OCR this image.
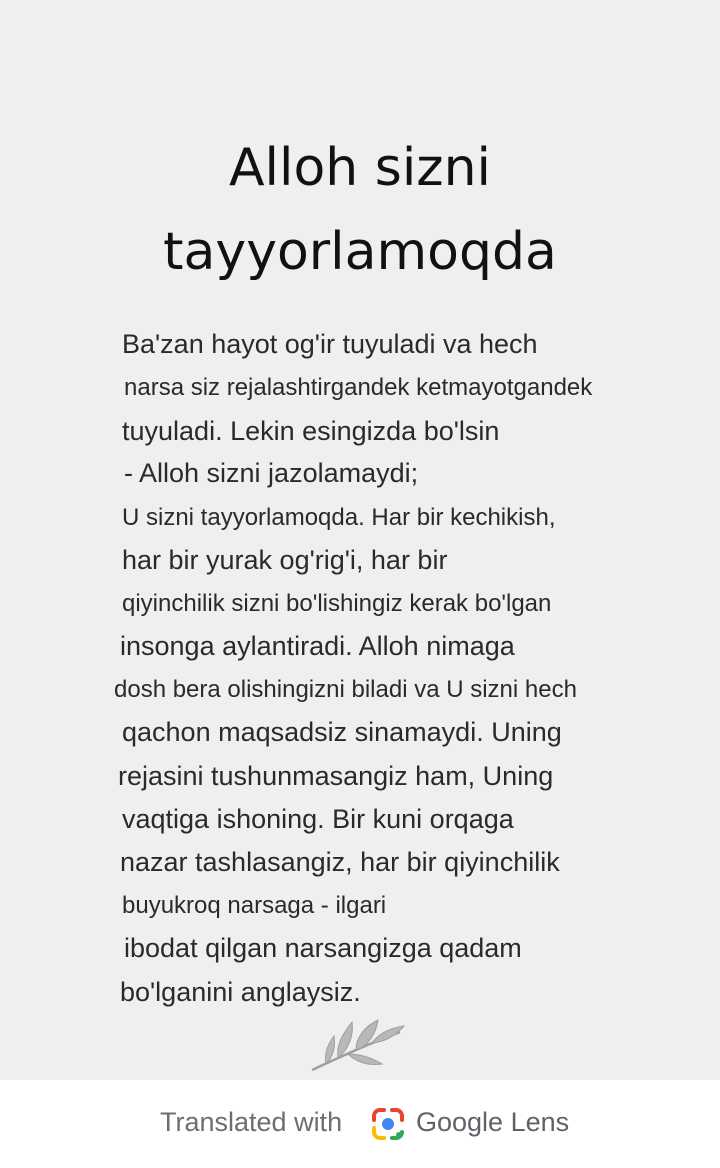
Alloh sizni
tayyorlamoqda
Ba'zan hayot og'ir tuyuladi va hech
narsa siz rejalashtirgandek ketmayotgandek
tuyuladi. Lekin esingizda bo'lsin
- Alloh sizni jazolamaydi;
U sizni tayyorlamoqda. Har bir kechikish,
har bir yurak og'rig'i, har bir
qiyinchilik sizni bo'lishingiz kerak bo'lgan
insonga aylantiradi. Alloh nimaga
dosh bera olishingizni biladi va U sizni hech
qachon maqsadsiz sinamaydi. Uning
rejasini tushunmasangiz ham, Uning
vaqtiga ishoning. Bir kuni orqaga
nazar tashlasangiz, har bir qiyinchilik
buyukroq narsaga - ilgari
ibodat qilgan narsangizga qadam
bo'lganini anglaysiz.
Translated with	Google Lens
